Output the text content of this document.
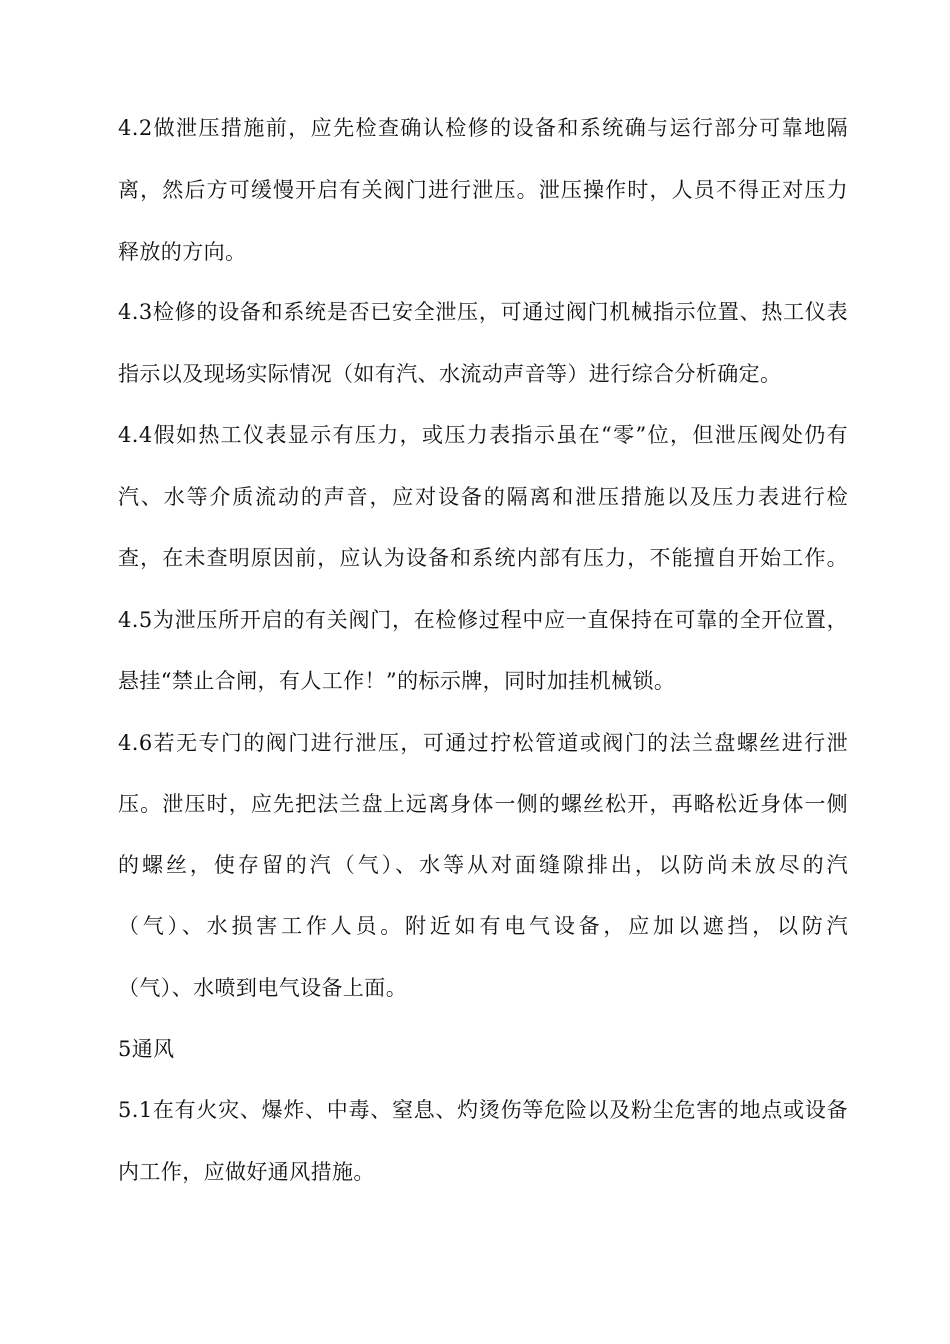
4.2做泄压措施前，应先检查确认检修的设备和系统确与运行部分可靠地隔
离，然后方可缓慢开启有关阀门进行泄压。泄压操作时，人员不得正对压力
释放的方向。
4.3检修的设备和系统是否已安全泄压，可通过阀门机械指示位置、热工仪表
指示以及现场实际情况（如有汽、水流动声音等）进行综合分析确定。
4.4假如热工仪表显示有压力，或压力表指示虽在“零”位，但泄压阀处仍有
汽、水等介质流动的声音，应对设备的隔离和泄压措施以及压力表进行检
查，在未查明原因前，应认为设备和系统内部有压力，不能擅自开始工作。
4.5为泄压所开启的有关阀门，在检修过程中应一直保持在可靠的全开位置，
悬挂“禁止合闸，有人工作！”的标示牌，同时加挂机械锁。
4.6若无专门的阀门进行泄压，可通过拧松管道或阀门的法兰盘螺丝进行泄
压。泄压时，应先把法兰盘上远离身体一侧的螺丝松开，再略松近身体一侧
的螺丝，使存留的汽（气）、水等从对面缝隙排出，以防尚未放尽的汽
（气）、水损害工作人员。附近如有电气设备，应加以遮挡，以防汽
（气）、水喷到电气设备上面。
5通风
5.1在有火灾、爆炸、中毒、窒息、灼烫伤等危险以及粉尘危害的地点或设备
内工作，应做好通风措施。
